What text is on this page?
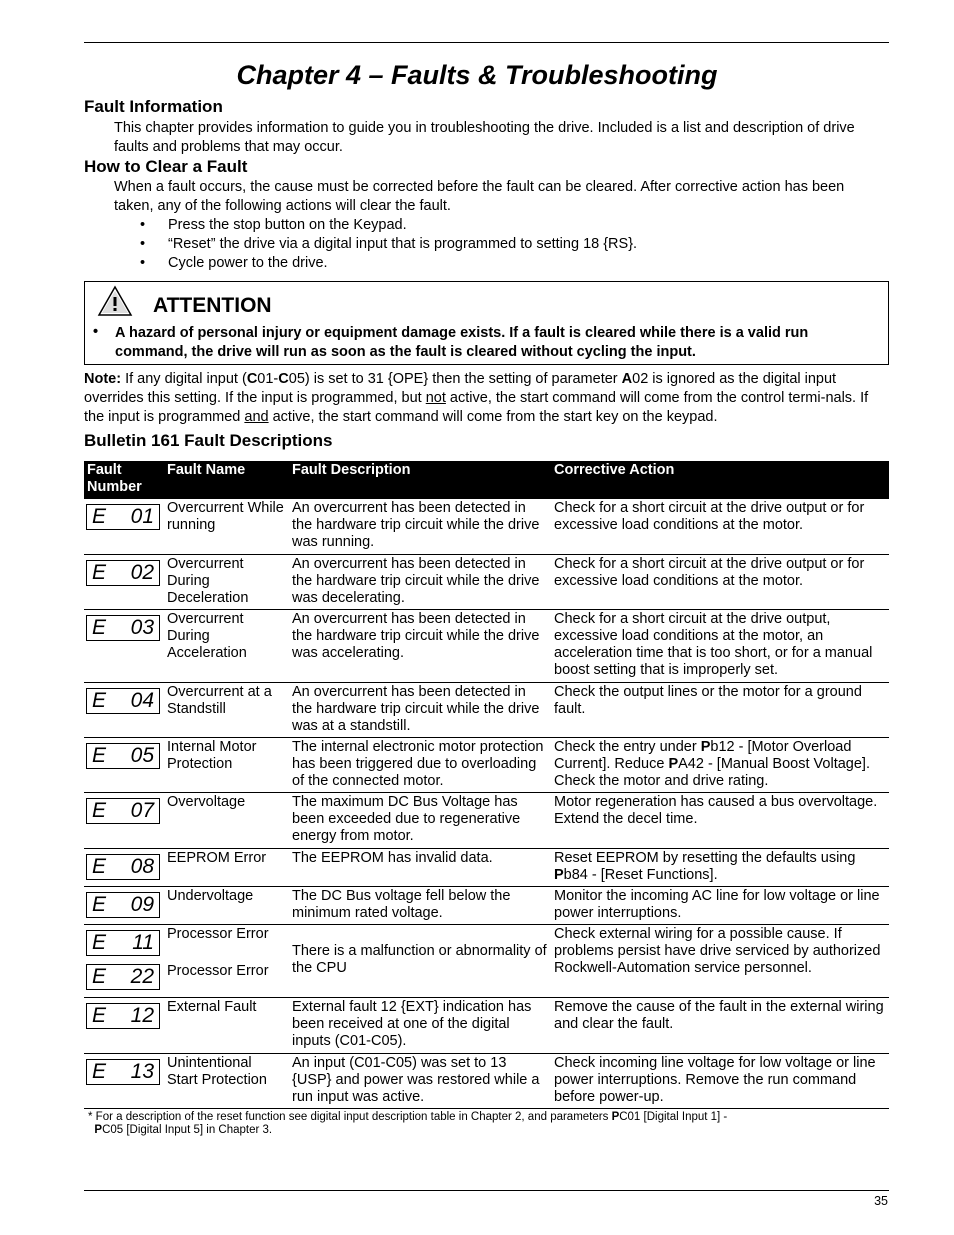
Chapter 4 – Faults & Troubleshooting
Fault Information

This chapter provides information to guide you in troubleshooting the drive. Included is a list and description of drive faults and problems that may occur.

How to Clear a Fault

When a fault occurs, the cause must be corrected before the fault can be cleared. After corrective action has been taken, any of the following actions will clear the fault.

• Press the stop button on the Keypad.
• “Reset” the drive via a digital input that is programmed to setting 18 {RS}.
• Cycle power to the drive.
ATTENTION
• A hazard of personal injury or equipment damage exists. If a fault is cleared while there is a valid run command, the drive will run as soon as the fault is cleared without cycling the input.

Note: If any digital input (C01-C05) is set to 31 {OPE} then the setting of parameter A02 is ignored as the digital input overrides this setting. If the input is programmed, but not active, the start command will come from the control termi-nals. If the input is programmed and active, the start command will come from the start key on the keypad.

Bulletin 161 Fault Descriptions
Fault Number	Fault Name	Fault Description	Corrective Action

E 01	Overcurrent While running	An overcurrent has been detected in the hardware trip circuit while the drive was running.	Check for a short circuit at the drive output or for excessive load conditions at the motor.

E 02	Overcurrent During Deceleration	An overcurrent has been detected in the hardware trip circuit while the drive was decelerating.	Check for a short circuit at the drive output or for excessive load conditions at the motor.

E 03	Overcurrent During Acceleration	An overcurrent has been detected in the hardware trip circuit while the drive was accelerating.	Check for a short circuit at the drive output, excessive load conditions at the motor, an acceleration time that is too short, or for a manual boost setting that is improperly set.

E 04	Overcurrent at a Standstill	An overcurrent has been detected in the hardware trip circuit while the drive was at a standstill.	Check the output lines or the motor for a ground fault.

E 05	Internal Motor Protection	The internal electronic motor protection has been triggered due to overloading of the connected motor.	Check the entry under Pb12 - [Motor Overload Current]. Reduce PA42 - [Manual Boost Voltage]. Check the motor and drive rating.

E 07	Overvoltage	The maximum DC Bus Voltage has been exceeded due to regenerative energy from motor.	Motor regeneration has caused a bus overvoltage. Extend the decel time.

E 08	EEPROM Error	The EEPROM has invalid data.	Reset EEPROM by resetting the defaults using Pb84 - [Reset Functions].

E 09	Undervoltage	The DC Bus voltage fell below the minimum rated voltage.	Monitor the incoming AC line for low voltage or line power interruptions.

E 11	Processor Error	There is a malfunction or abnormality of the CPU	Check external wiring for a possible cause. If problems persist have drive serviced by authorized Rockwell-Automation service personnel.

E 22	Processor Error		

E 12	External Fault	External fault 12 {EXT} indication has been received at one of the digital inputs (C01-C05).	Remove the cause of the fault in the external wiring and clear the fault.

E 13	Unintentional Start Protection	An input (C01-C05) was set to 13 {USP} and power was restored while a run input was active.	Check incoming line voltage for low voltage or line power interruptions. Remove the run command before power-up.

* For a description of the reset function see digital input description table in Chapter 2, and parameters PC01 [Digital Input 1] -
PC05 [Digital Input 5] in Chapter 3.

35
